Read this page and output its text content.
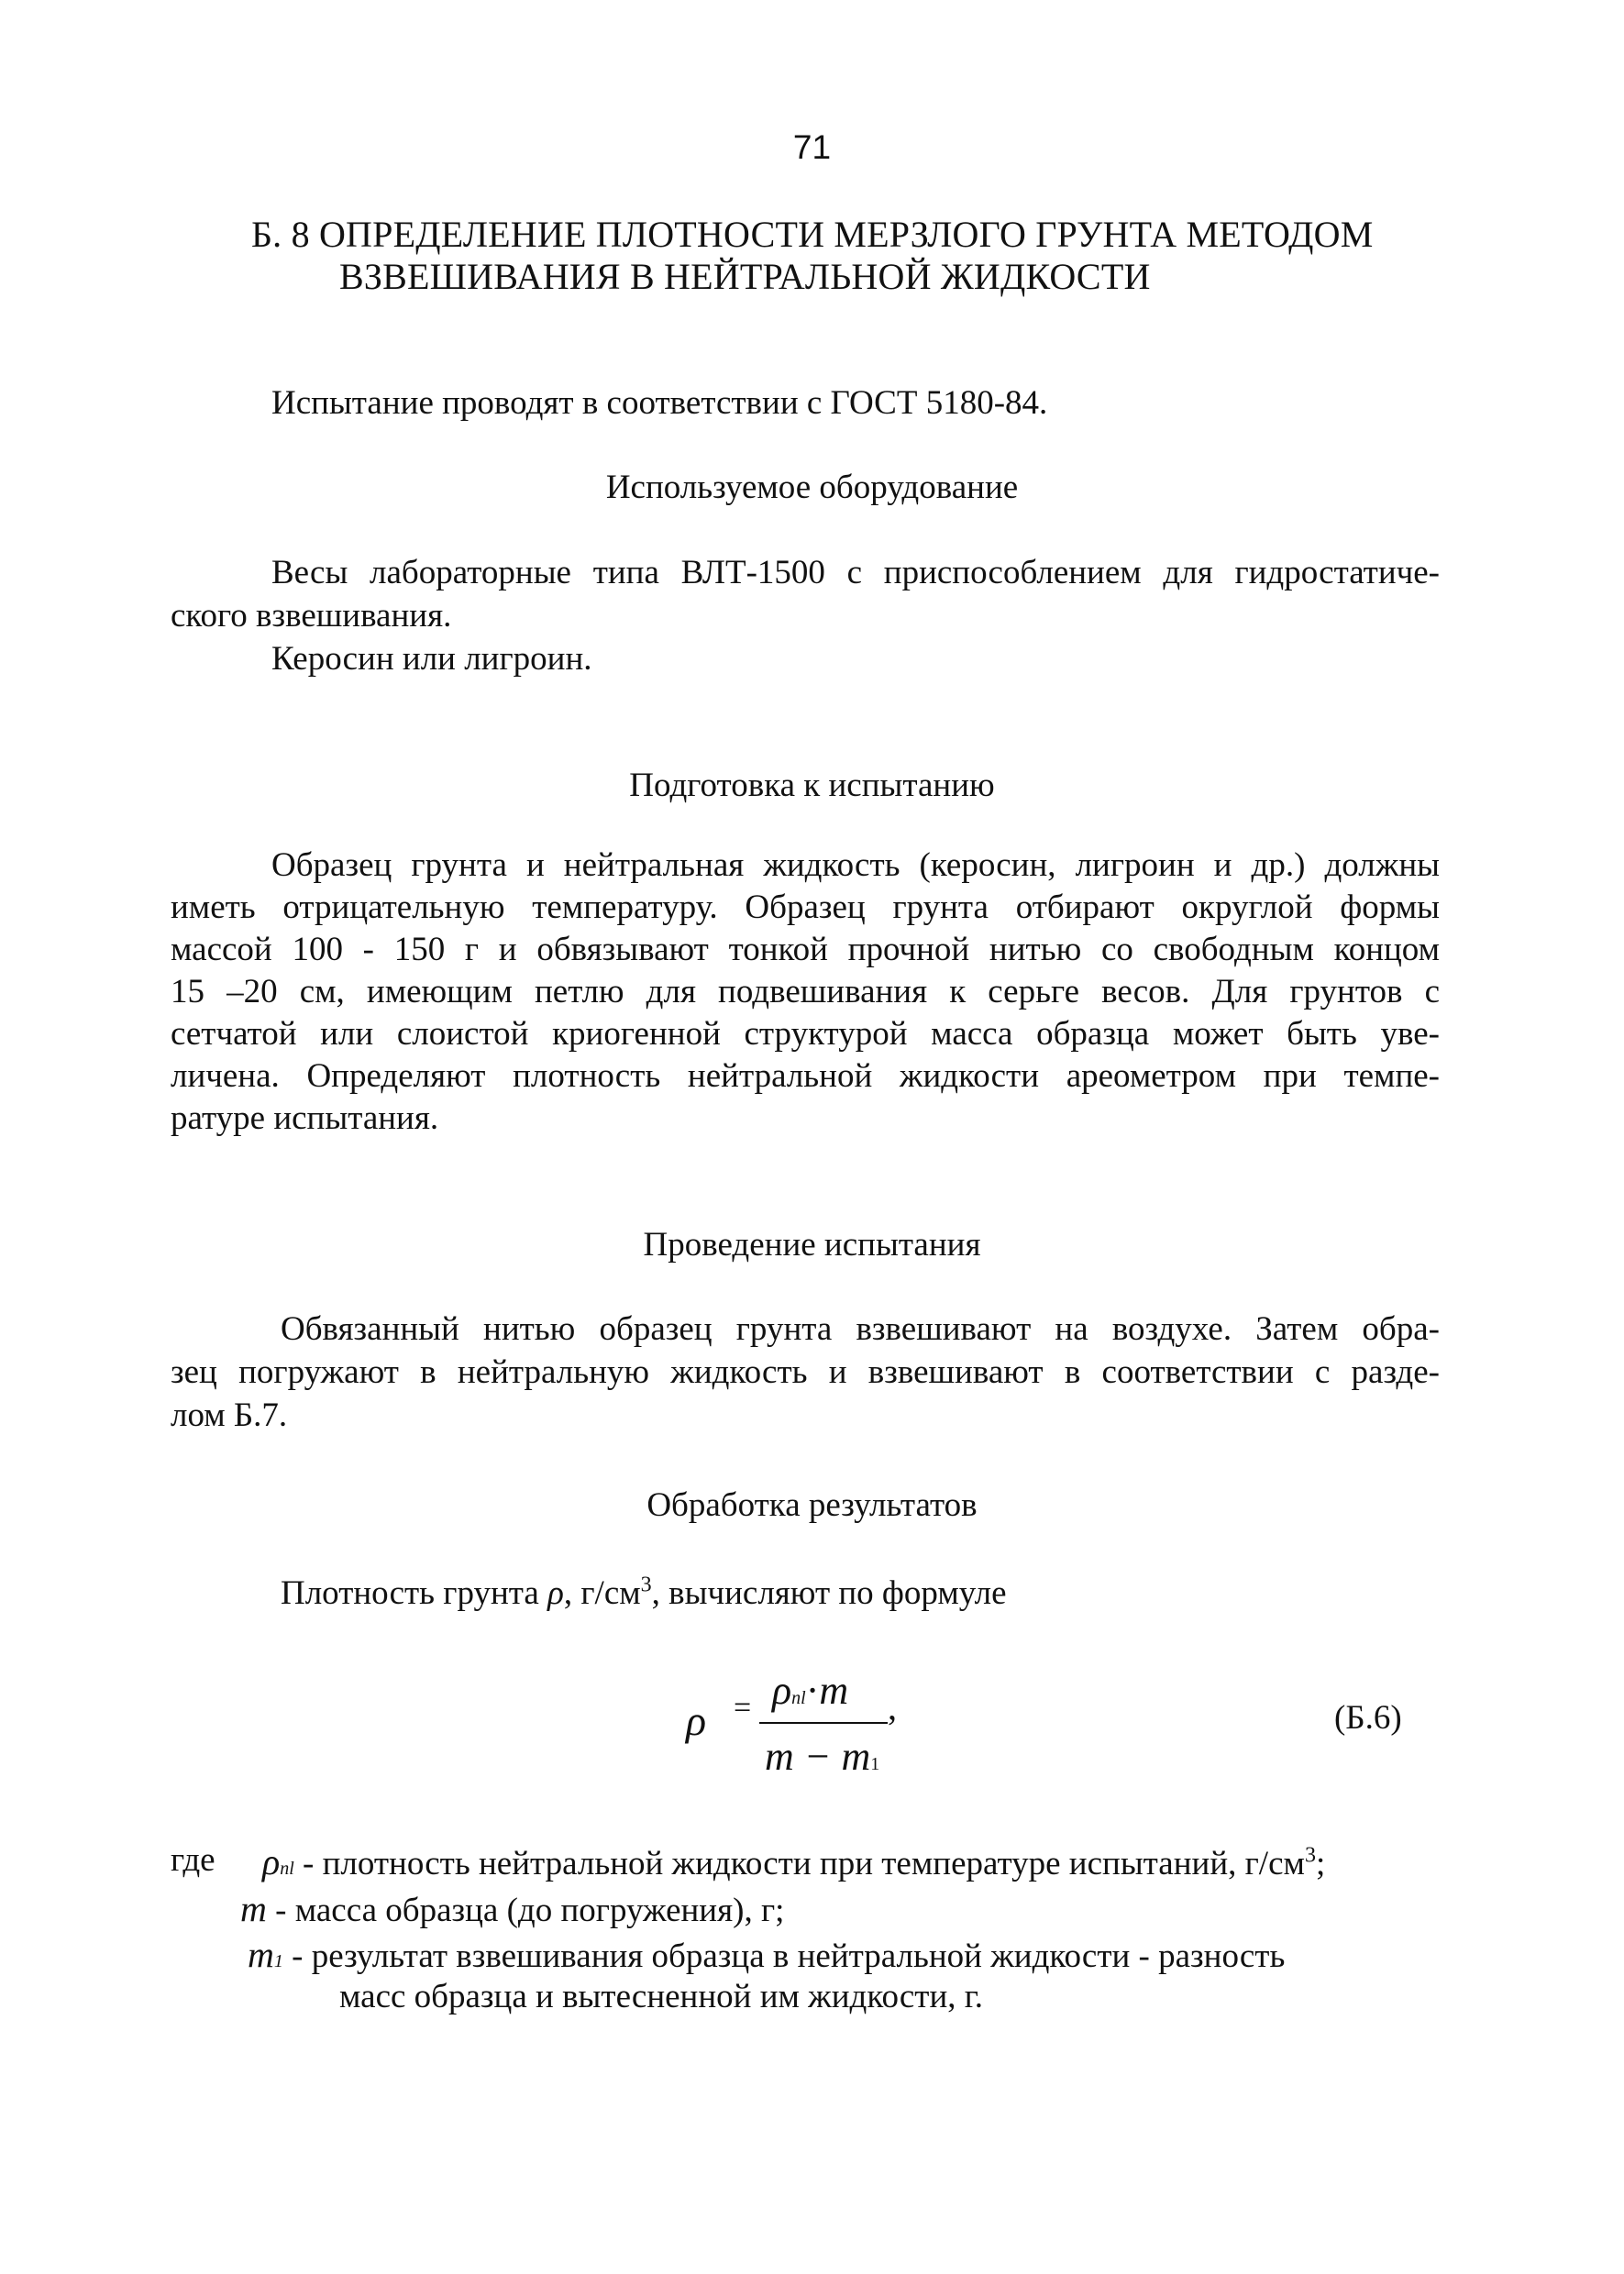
71
Б. 8 ОПРЕДЕЛЕНИЕ ПЛОТНОСТИ МЕРЗЛОГО ГРУНТА МЕТОДОМ
ВЗВЕШИВАНИЯ В НЕЙТРАЛЬНОЙ ЖИДКОСТИ
Испытание проводят в соответствии с ГОСТ 5180-84.
Используемое оборудование
Весы лабораторные типа ВЛТ-1500 с приспособлением для гидростатиче-
ского взвешивания.
Керосин или лигроин.
Подготовка к испытанию
Образец грунта и нейтральная жидкость (керосин, лигроин и др.) должны
иметь отрицательную температуру. Образец грунта отбирают округлой формы
массой 100 - 150 г и обвязывают тонкой прочной нитью со свободным концом
15 –20 см, имеющим петлю для подвешивания к серьге весов. Для грунтов с
сетчатой или слоистой криогенной структурой масса образца может быть уве-
личена. Определяют плотность нейтральной жидкости ареометром при темпе-
ратуре испытания.
Проведение испытания
Обвязанный нитью образец грунта взвешивают на воздухе. Затем обра-
зец погружают в нейтральную жидкость и взвешивают в соответствии с разде-
лом Б.7.
Обработка результатов
Плотность грунта ρ, $г/см^3$, вычисляют по формуле
ρ = ρnl·m ,
m − m1
(Б.6)
где ρnl - плотность нейтральной жидкости при температуре испытаний, $г/см^3$;
m - масса образца (до погружения), г;
m1 - результат взвешивания образца в нейтральной жидкости - разность
масс образца и вытесненной им жидкости, г.
